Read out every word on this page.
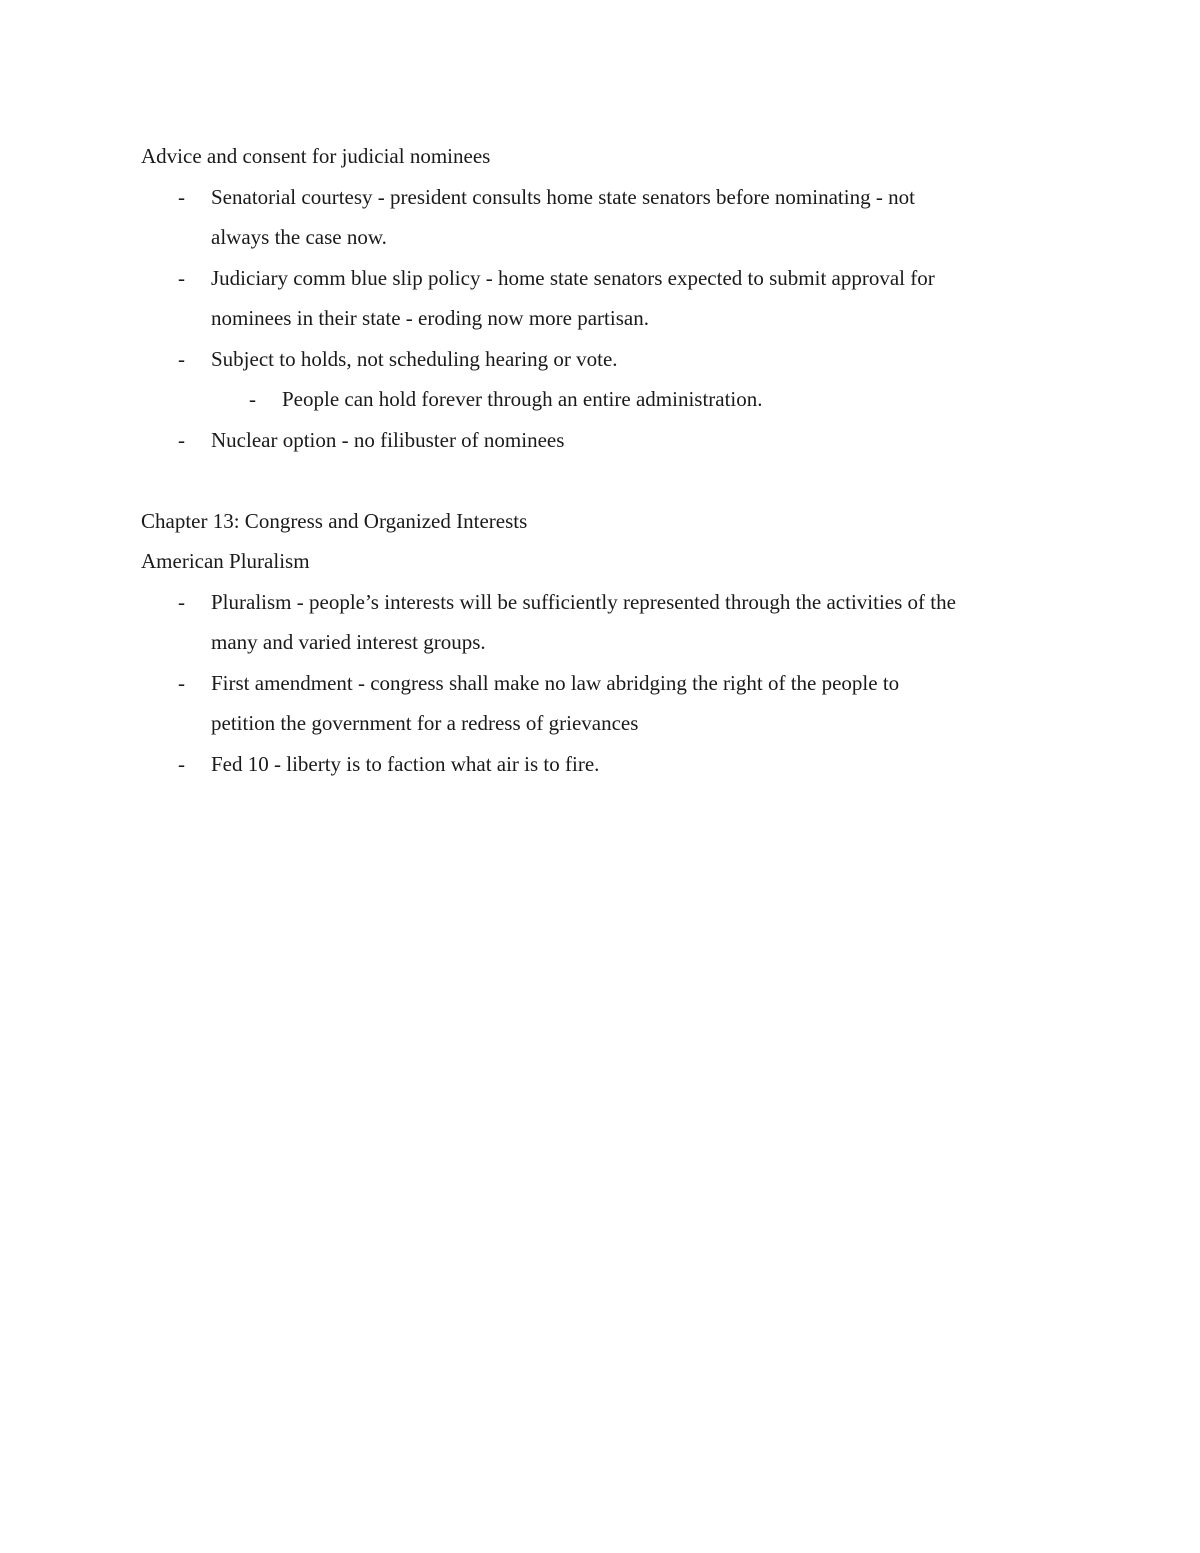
Advice and consent for judicial nominees

- Senatorial courtesy - president consults home state senators before nominating - not
always the case now.
- Judiciary comm blue slip policy - home state senators expected to submit approval for
nominees in their state - eroding now more partisan.
- Subject to holds, not scheduling hearing or vote.
- People can hold forever through an entire administration.
- Nuclear option - no filibuster of nominees

Chapter 13: Congress and Organized Interests

American Pluralism

- Pluralism - people’s interests will be sufficiently represented through the activities of the
many and varied interest groups.
- First amendment - congress shall make no law abridging the right of the people to
petition the government for a redress of grievances
- Fed 10 - liberty is to faction what air is to fire.
